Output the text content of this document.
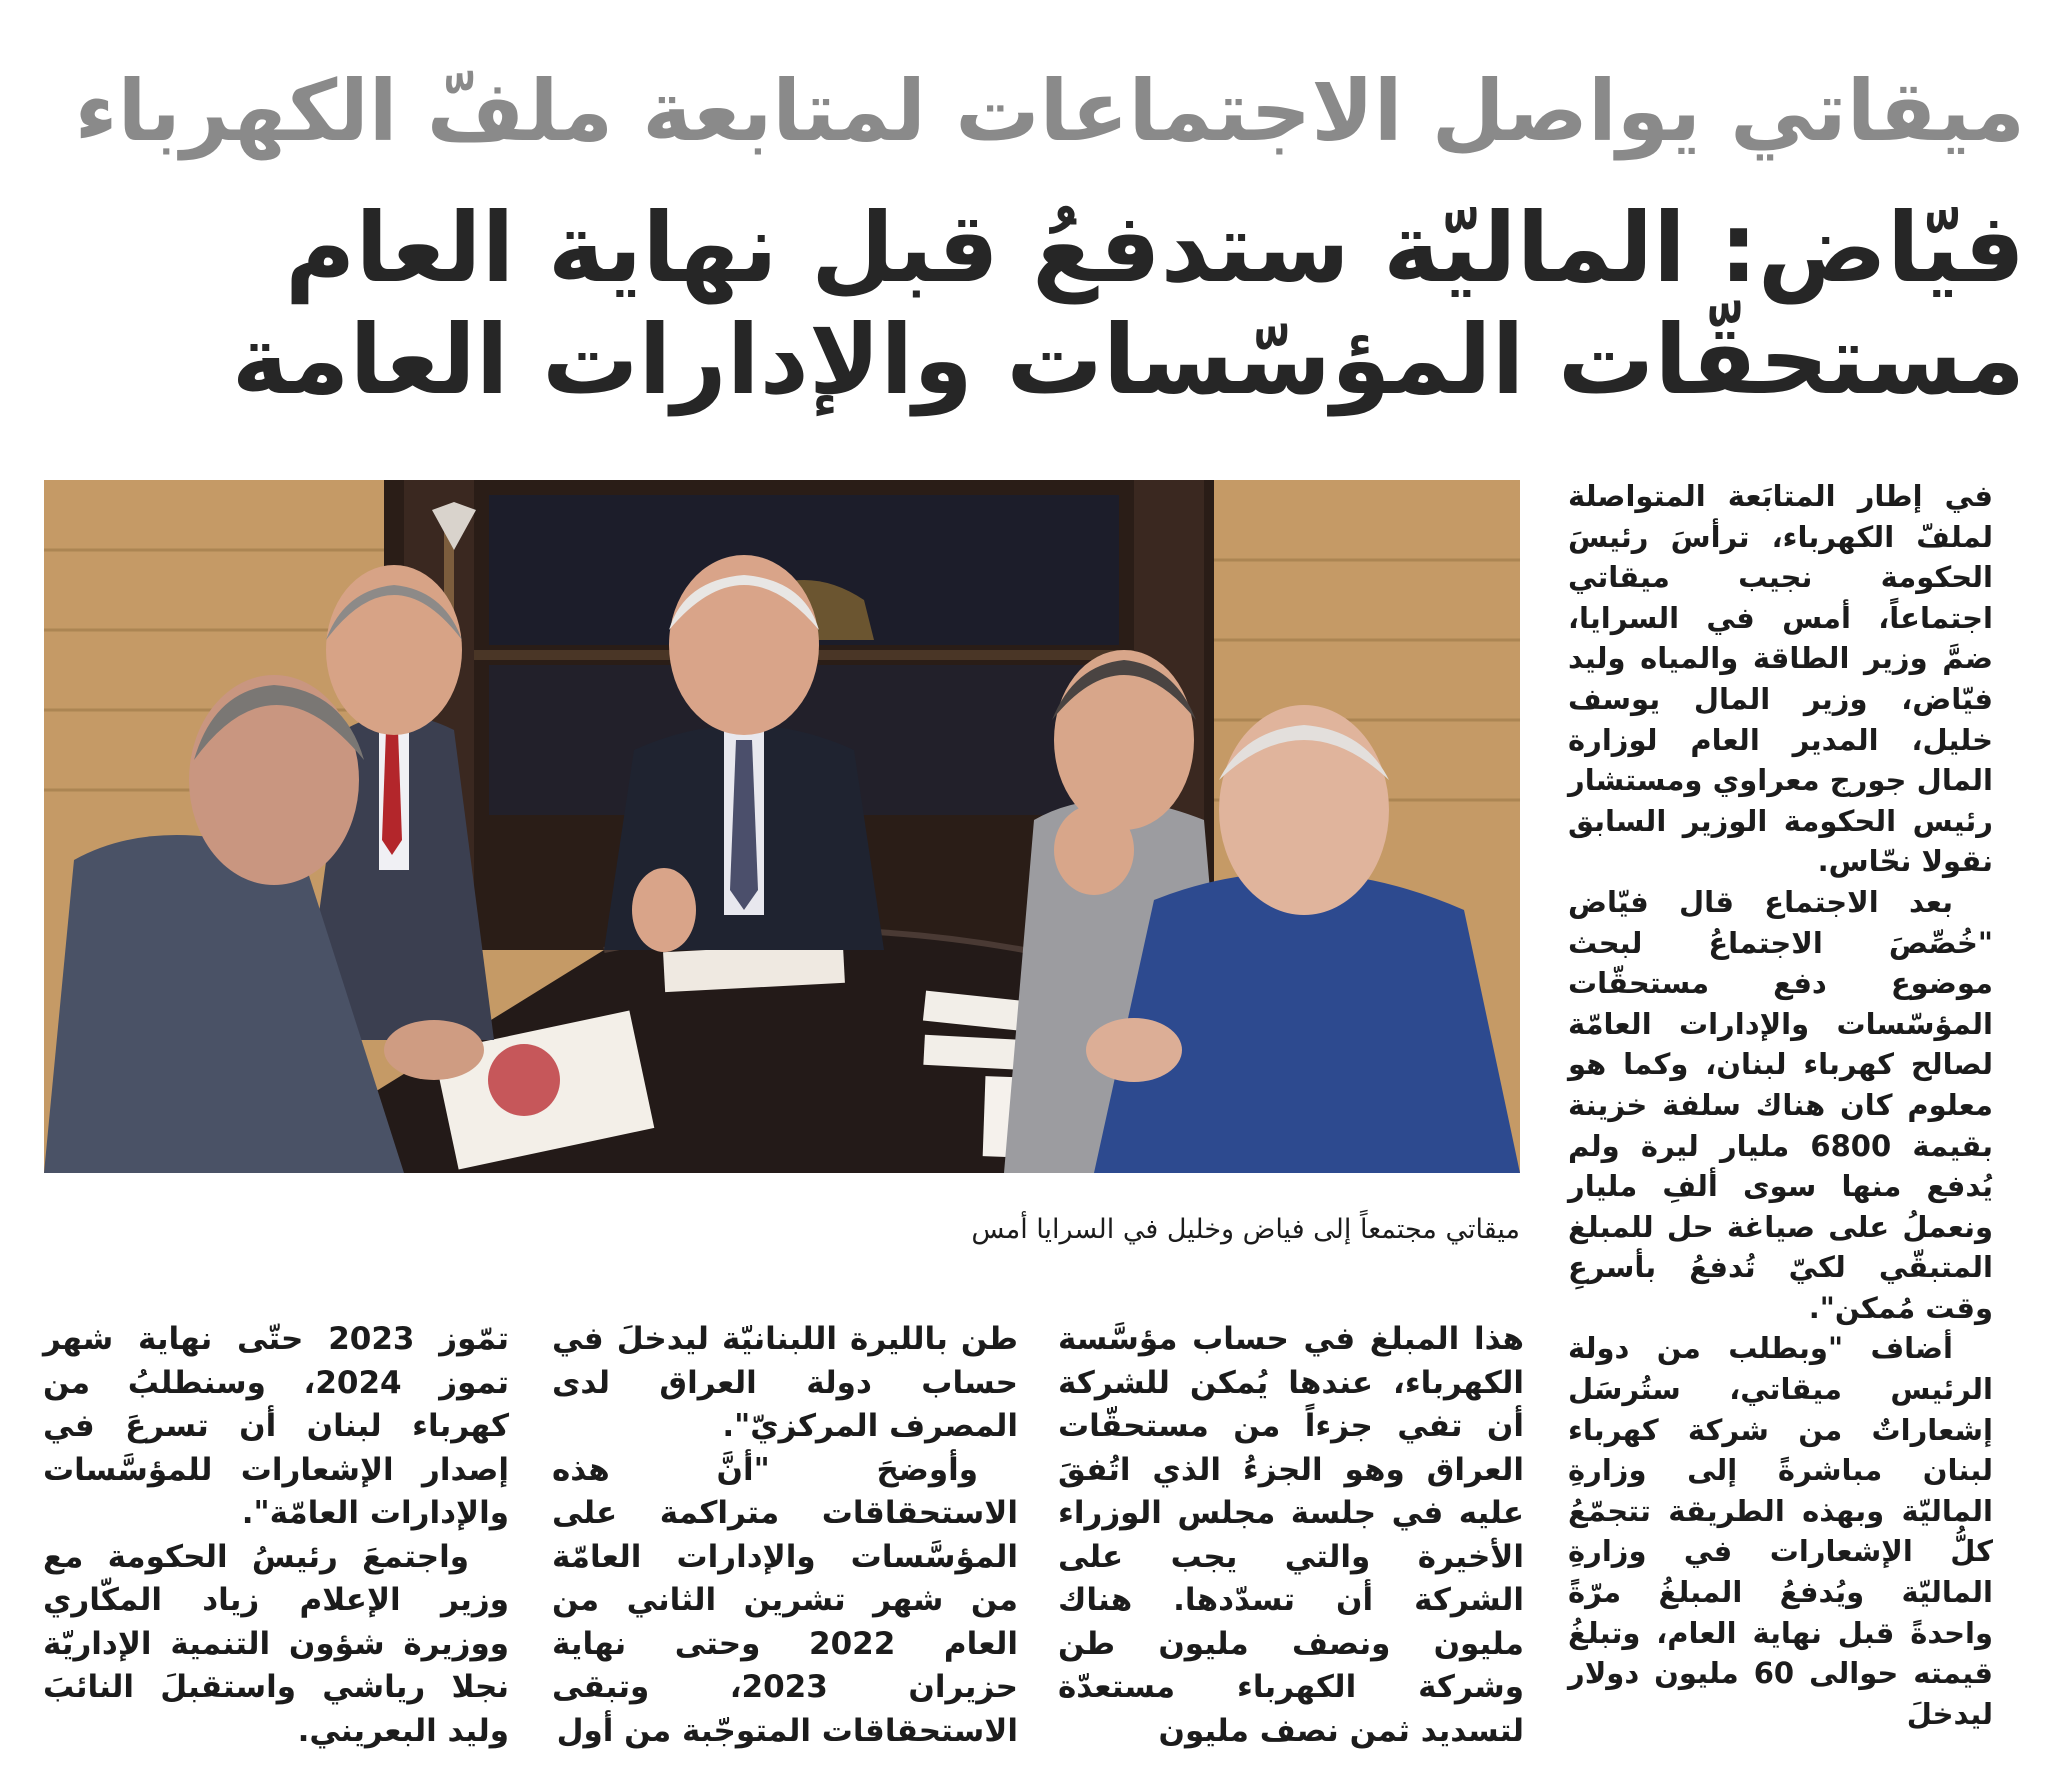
ميقاتي يواصل الاجتماعات لمتابعة ملفّ الكهرباء
فيّاض: الماليّة ستدفعُ قبل نهاية العام
مستحقّات المؤسّسات والإدارات العامة

في إطار المتابَعة المتواصلة لملفّ الكهرباء، ترأسَ رئيسَ الحكومة نجيب ميقاتي اجتماعاً، أمس في السرايا، ضمَّ وزير الطاقة والمياه وليد فيّاض، وزير المال يوسف خليل، المدير العام لوزارة المال جورج معراوي ومستشار رئيس الحكومة الوزير السابق نقولا نحّاس.

بعد الاجتماع قال فيّاض "خُصِّصَ الاجتماعُ لبحث موضوع دفع مستحقّات المؤسّسات والإدارات العامّة لصالح كهرباء لبنان، وكما هو معلوم كان هناك سلفة خزينة بقيمة 6800 مليار ليرة ولم يُدفع منها سوى ألفِ مليار ونعملُ على صياغة حل للمبلغ المتبقّي لكيّ تُدفعُ بأسرعِ وقت مُمكن".

أضاف "وبطلب من دولة الرئيس ميقاتي، ستُرسَل إشعاراتٌ من شركة كهرباء لبنان مباشرةً إلى وزارةِ الماليّة وبهذه الطريقة تتجمّعُ كلُّ الإشعارات في وزارةِ الماليّة ويُدفعُ المبلغُ مرّةً واحدةً قبل نهاية العام، وتبلغُ قيمته حوالى 60 مليون دولار ليدخلَ

ميقاتي مجتمعاً إلى فياض وخليل في السرايا أمس

هذا المبلغ في حساب مؤسَّسة الكهرباء، عندها يُمكن للشركة أن تفي جزءاً من مستحقّات العراق وهو الجزءُ الذي اتُفقَ عليه في جلسة مجلس الوزراء الأخيرة والتي يجب على الشركة أن تسدّدها. هناك مليون ونصف مليون طن وشركة الكهرباء مستعدّة لتسديد ثمن نصف مليون

طن بالليرة اللبنانيّة ليدخلَ في حساب دولة العراق لدى المصرف المركزيّ".

وأوضحَ "أنَّ هذه الاستحقاقات متراكمة على المؤسَّسات والإدارات العامّة من شهر تشرين الثاني من العام 2022 وحتى نهاية حزيران 2023، وتبقى الاستحقاقات المتوجّبة من أول

تمّوز 2023 حتّى نهاية شهر تموز 2024، وسنطلبُ من كهرباء لبنان أن تسرعَ في إصدار الإشعارات للمؤسَّسات والإدارات العامّة".

واجتمعَ رئيسُ الحكومة مع وزير الإعلام زياد المكّاري ووزيرة شؤون التنمية الإداريّة نجلا رياشي واستقبلَ النائبَ وليد البعريني.
